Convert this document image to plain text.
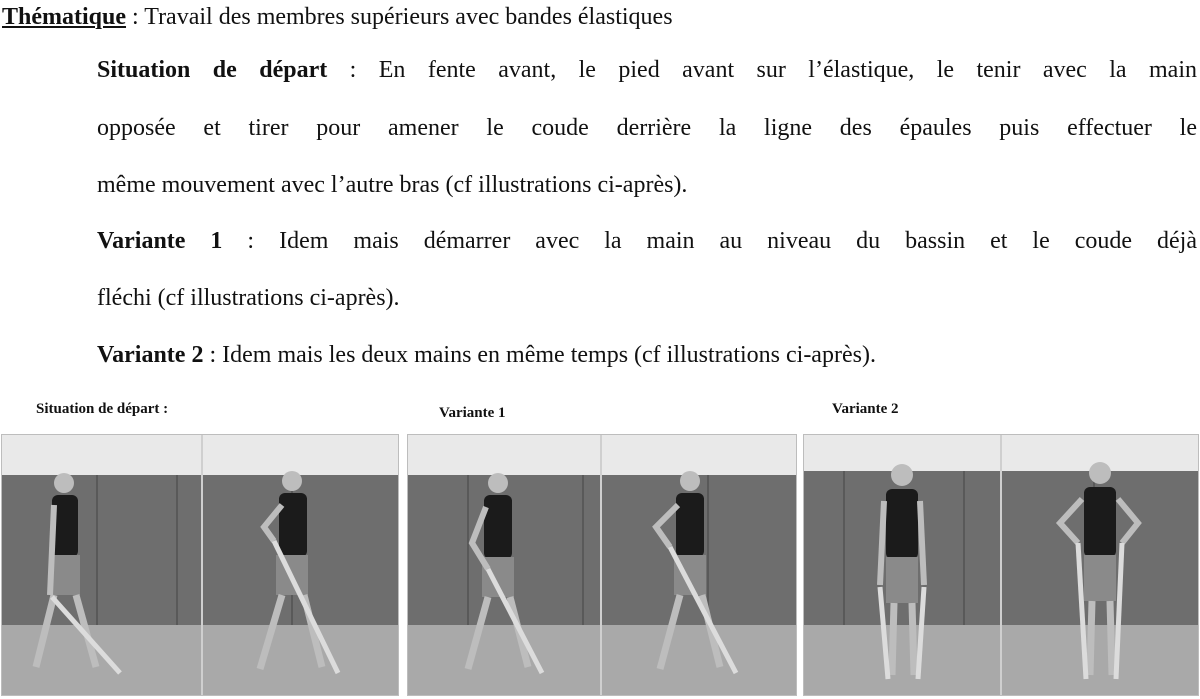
Thématique : Travail des membres supérieurs avec bandes élastiques
Situation de départ : En fente avant, le pied avant sur l’élastique, le tenir avec la main
opposée et tirer pour amener le coude derrière la ligne des épaules puis effectuer le
même mouvement avec l’autre bras (cf illustrations ci-après).
Variante 1 : Idem mais démarrer avec la main au niveau du bassin et le coude déjà
fléchi (cf illustrations ci-après).
Variante 2 : Idem mais les deux mains en même temps (cf illustrations ci-après).
Situation de départ :	Variante 1	Variante 2
